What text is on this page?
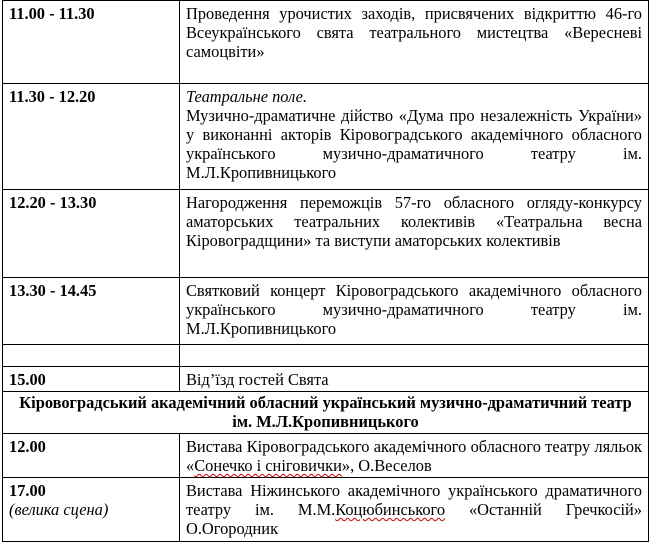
11.00 - 11.30	Проведення урочистих заходів, присвячених відкриттю 46-го Всеукраїнського свята театрального мистецтва «Вересневі самоцвіти»
11.30 - 12.20	Театральне поле.
Музично-драматичне дійство «Дума про незалежність України» у виконанні акторів Кіровоградського академічного обласного українського музично-драматичного театру ім. М.Л.Кропивницького

12.20 - 13.30	Нагородження переможців 57-го обласного огляду-конкурсу аматорських театральних колективів «Театральна весна Кіровоградщини» та виступи аматорських колективів
13.30 - 14.45	Святковий концерт Кіровоградського академічного обласного українського музично-драматичного театру ім. М.Л.Кропивницького

15.00	Від’їзд гостей Свята
Кіровоградський академічний обласний український музично-драматичний театр ім. М.Л.Кропивницького	
12.00	Вистава Кіровоградського академічного обласного театру ляльок «Сонечко і сніговички», О.Веселов

17.00
(велика сцена)	Вистава Ніжинського академічного українського драматичного театру ім. М.М.Коцюбинського «Останній Гречкосій» О.Огородник
